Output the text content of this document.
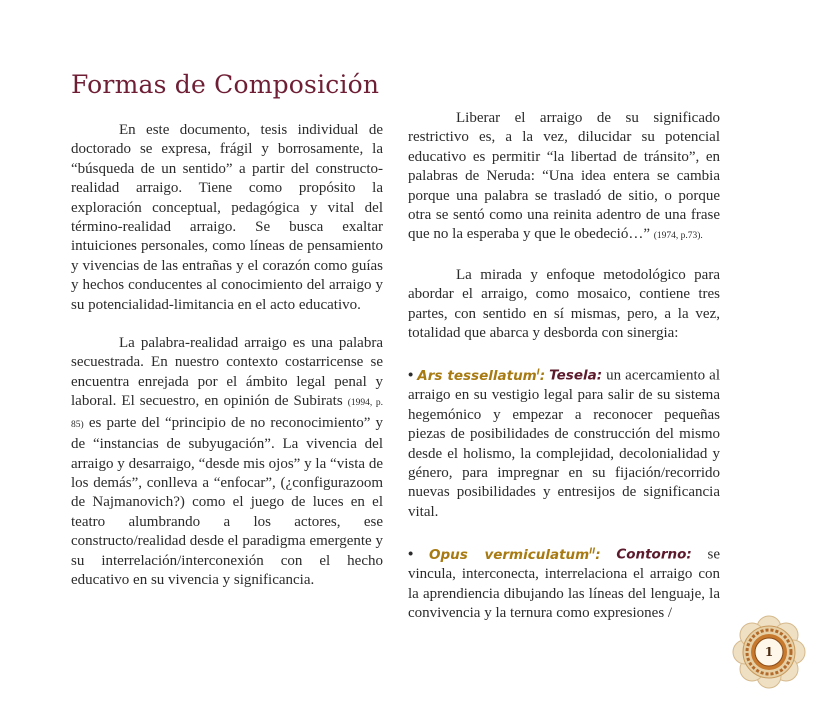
Formas de Composición

En este documento, tesis individual de doctorado se expresa, frágil y borrosamente, la “búsqueda de un sentido” a partir del constructo-realidad arraigo. Tiene como propósito la exploración conceptual, pedagógica y vital del término-realidad arraigo. Se busca exaltar intuiciones personales, como líneas de pensamiento y vivencias de las entrañas y el corazón como guías y hechos conducentes al conocimiento del arraigo y su potencialidad-limitancia en el acto educativo.

La palabra-realidad arraigo es una palabra secuestrada. En nuestro contexto costarricense se encuentra enrejada por el ámbito legal penal y laboral. El secuestro, en opinión de Subirats (1994, p. 85) es parte del “principio de no reconocimiento” y de “instancias de subyugación”. La vivencia del arraigo y desarraigo, “desde mis ojos” y la “vista de los demás”, conlleva a “enfocar”, (¿configurazoom de Najmanovich?) como el juego de luces en el teatro alumbrando a los actores, ese constructo/realidad desde el paradigma emergente y su interrelación/interconexión con el hecho educativo en su vivencia y significancia.

Liberar el arraigo de su significado restrictivo es, a la vez, dilucidar su potencial educativo es permitir “la libertad de tránsito”, en palabras de Neruda: “Una idea entera se cambia porque una palabra se trasladó de sitio, o porque otra se sentó como una reinita adentro de una frase que no la esperaba y que le obedeció…” (1974, p.73).

La mirada y enfoque metodológico para abordar el arraigo, como mosaico, contiene tres partes, con sentido en sí mismas, pero, a la vez, totalidad que abarca y desborda con sinergia:

• Ars tessellatum$^I$: Tesela: un acercamiento al arraigo en su vestigio legal para salir de su sistema hegemónico y empezar a reconocer pequeñas piezas de posibilidades de construcción del mismo desde el holismo, la complejidad, decolonialidad y género, para impregnar en su fijación/recorrido nuevas posibilidades y entresijos de significancia vital.

• Opus vermiculatum$^{II}$: Contorno: se vincula, interconecta, interrelaciona el arraigo con la aprendiencia dibujando las líneas del lenguaje, la convivencia y la ternura como expresiones /

1
